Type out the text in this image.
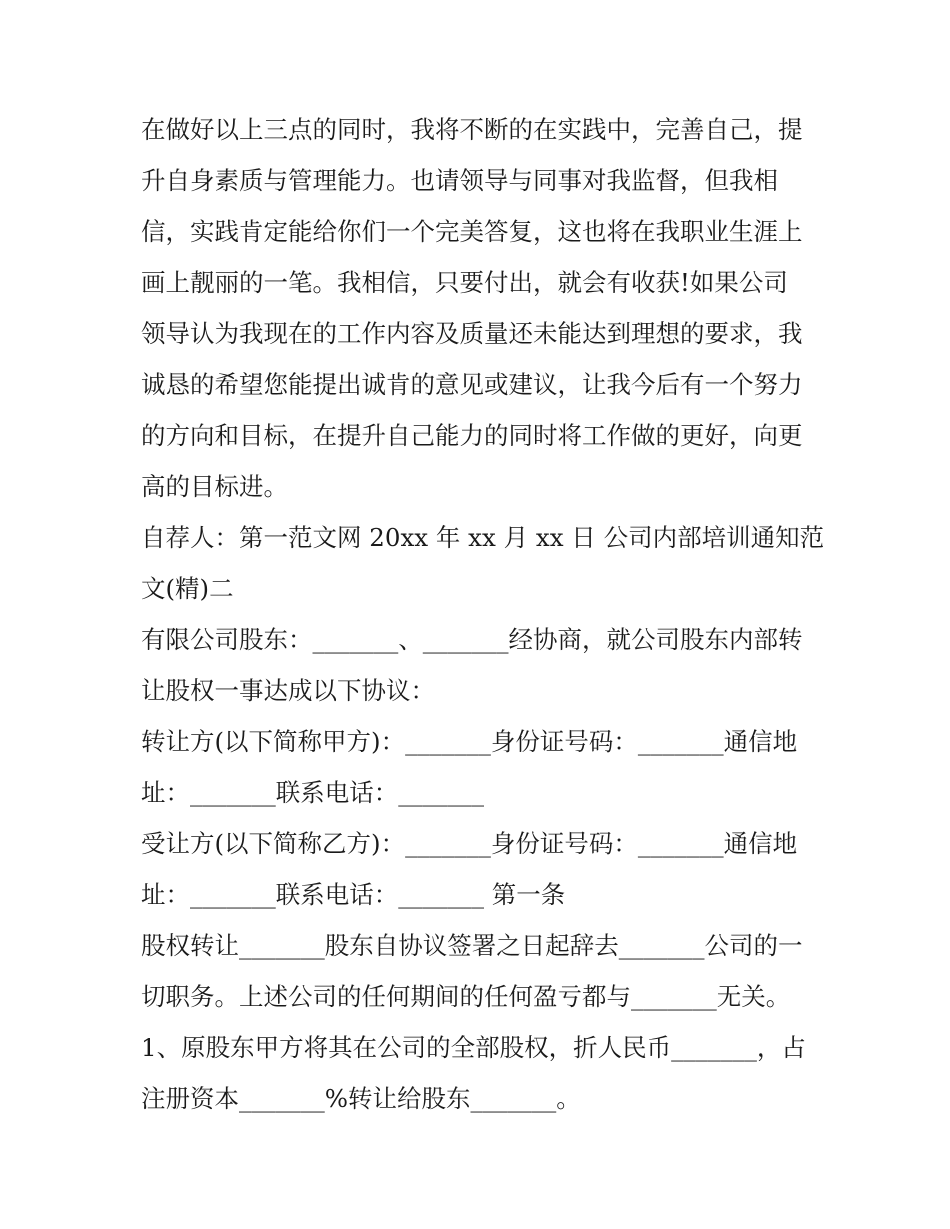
在做好以上三点的同时，我将不断的在实践中，完善自己，提
升自身素质与管理能力。也请领导与同事对我监督，但我相
信，实践肯定能给你们一个完美答复，这也将在我职业生涯上
画上靓丽的一笔。我相信，只要付出，就会有收获!如果公司
领导认为我现在的工作内容及质量还未能达到理想的要求，我
诚恳的希望您能提出诚肯的意见或建议，让我今后有一个努力
的方向和目标，在提升自己能力的同时将工作做的更好，向更
高的目标进。
自荐人：第一范文网 20xx 年 xx 月 xx 日 公司内部培训通知范
文(精)二
有限公司股东：_______、_______经协商，就公司股东内部转
让股权一事达成以下协议：
转让方(以下简称甲方)：_______身份证号码：_______通信地
址：_______联系电话：_______
受让方(以下简称乙方)：_______身份证号码：_______通信地
址：_______联系电话：_______ 第一条
股权转让_______股东自协议签署之日起辞去_______公司的一
切职务。上述公司的任何期间的任何盈亏都与_______无关。
1、原股东甲方将其在公司的全部股权，折人民币_______，占
注册资本_______%转让给股东_______。
